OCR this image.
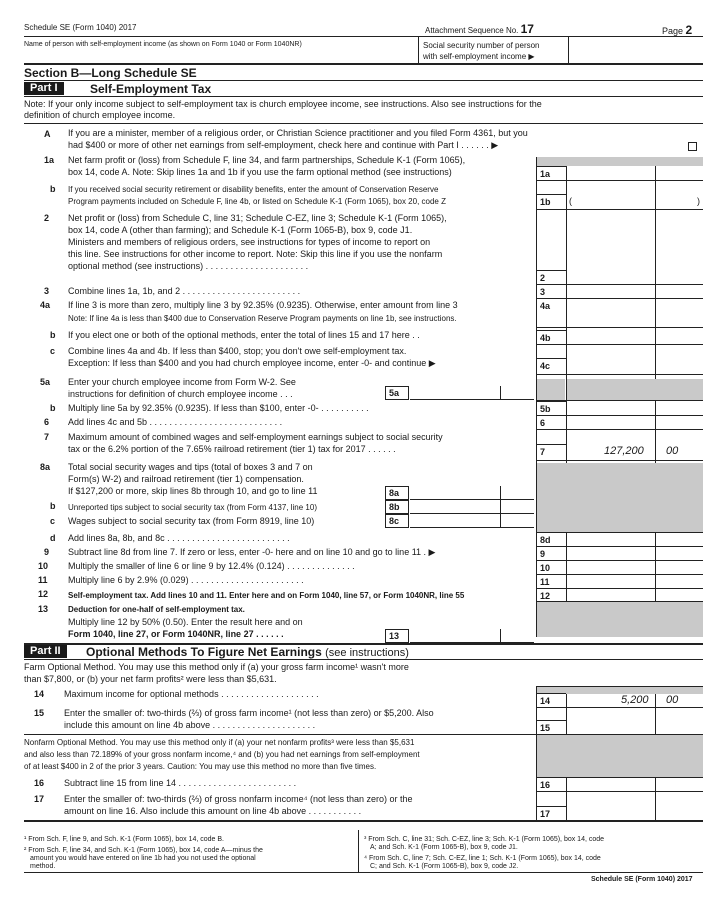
Schedule SE (Form 1040) 2017	Attachment Sequence No. 17	Page 2
Name of person with self-employment income (as shown on Form 1040 or Form 1040NR)	Social security number of person
with self-employment income ▶
Section B—Long Schedule SE
Part I	Self-Employment Tax
Note: If your only income subject to self-employment tax is church employee income, see instructions. Also see instructions for the
definition of church employee income.
A If you are a minister, member of a religious order, or Christian Science practitioner and you filed Form 4361, but you
had $400 or more of other net earnings from self-employment, check here and continue with Part I . . . . . . ▶
1a Net farm profit or (loss) from Schedule F, line 34, and farm partnerships, Schedule K-1 (Form 1065),
box 14, code A. Note: Skip lines 1a and 1b if you use the farm optional method (see instructions)	1a
b If you received social security retirement or disability benefits, enter the amount of Conservation Reserve
Program payments included on Schedule F, line 4b, or listed on Schedule K-1 (Form 1065), box 20, code Z	1b	(	)
2 Net profit or (loss) from Schedule C, line 31; Schedule C-EZ, line 3; Schedule K-1 (Form 1065),
box 14, code A (other than farming); and Schedule K-1 (Form 1065-B), box 9, code J1.
Ministers and members of religious orders, see instructions for types of income to report on
this line. See instructions for other income to report. Note: Skip this line if you use the nonfarm
optional method (see instructions) . . . . . . . . . . . . . . . . . . . . .
2
3 Combine lines 1a, 1b, and 2 . . . . . . . . . . . . . . . . . . . . . . . .	3
4a If line 3 is more than zero, multiply line 3 by 92.35% (0.9235). Otherwise, enter amount from line 3
Note: If line 4a is less than $400 due to Conservation Reserve Program payments on line 1b, see instructions.
4a
b If you elect one or both of the optional methods, enter the total of lines 15 and 17 here . .	4b
c Combine lines 4a and 4b. If less than $400, stop; you don't owe self-employment tax.
Exception: If less than $400 and you had church employee income, enter -0- and continue ▶	4c
5a Enter your church employee income from Form W-2. See
instructions for definition of church employee income . . .	5a
b Multiply line 5a by 92.35% (0.9235). If less than $100, enter -0- . . . . . . . . . .	5b
6 Add lines 4c and 5b . . . . . . . . . . . . . . . . . . . . . . . . . . .	6
7 Maximum amount of combined wages and self-employment earnings subject to social security
tax or the 6.2% portion of the 7.65% railroad retirement (tier 1) tax for 2017 . . . . . .	7	127,200 00
8a Total social security wages and tips (total of boxes 3 and 7 on
Form(s) W-2) and railroad retirement (tier 1) compensation.
If $127,200 or more, skip lines 8b through 10, and go to line 11	8a
b Unreported tips subject to social security tax (from Form 4137, line 10)	8b
c Wages subject to social security tax (from Form 8919, line 10)	8c
d Add lines 8a, 8b, and 8c . . . . . . . . . . . . . . . . . . . . . . . . .	8d
9 Subtract line 8d from line 7. If zero or less, enter -0- here and on line 10 and go to line 11 . ▶	9
10 Multiply the smaller of line 6 or line 9 by 12.4% (0.124) . . . . . . . . . . . . . .	10
11 Multiply line 6 by 2.9% (0.029) . . . . . . . . . . . . . . . . . . . . . . .	11
12 Self-employment tax. Add lines 10 and 11. Enter here and on Form 1040, line 57, or Form 1040NR, line 55	12
13 Deduction for one-half of self-employment tax.
Multiply line 12 by 50% (0.50). Enter the result here and on
Form 1040, line 27, or Form 1040NR, line 27 . . . . . .	13
Part II	Optional Methods To Figure Net Earnings (see instructions)
Farm Optional Method. You may use this method only if (a) your gross farm income¹ wasn't more
than $7,800, or (b) your net farm profits² were less than $5,631.
14 Maximum income for optional methods . . . . . . . . . . . . . . . . . . . .
14	5,200 00
15 Enter the smaller of: two-thirds (⅔) of gross farm income¹ (not less than zero) or $5,200. Also
include this amount on line 4b above . . . . . . . . . . . . . . . . . . . . .	15
Nonfarm Optional Method. You may use this method only if (a) your net nonfarm profits³ were less than $5,631
and also less than 72.189% of your gross nonfarm income,⁴ and (b) you had net earnings from self-employment
of at least $400 in 2 of the prior 3 years. Caution: You may use this method no more than five times.
16 Subtract line 15 from line 14 . . . . . . . . . . . . . . . . . . . . . . . .	16
17 Enter the smaller of: two-thirds (⅔) of gross nonfarm income⁴ (not less than zero) or the
amount on line 16. Also include this amount on line 4b above . . . . . . . . . . .	17
¹ From Sch. F, line 9, and Sch. K-1 (Form 1065), box 14, code B.
² From Sch. F, line 34, and Sch. K-1 (Form 1065), box 14, code A—minus the
amount you would have entered on line 1b had you not used the optional
method.
³ From Sch. C, line 31; Sch. C-EZ, line 3; Sch. K-1 (Form 1065), box 14, code
A; and Sch. K-1 (Form 1065-B), box 9, code J1.
⁴ From Sch. C, line 7; Sch. C-EZ, line 1; Sch. K-1 (Form 1065), box 14, code
C; and Sch. K-1 (Form 1065-B), box 9, code J2.
Schedule SE (Form 1040) 2017
